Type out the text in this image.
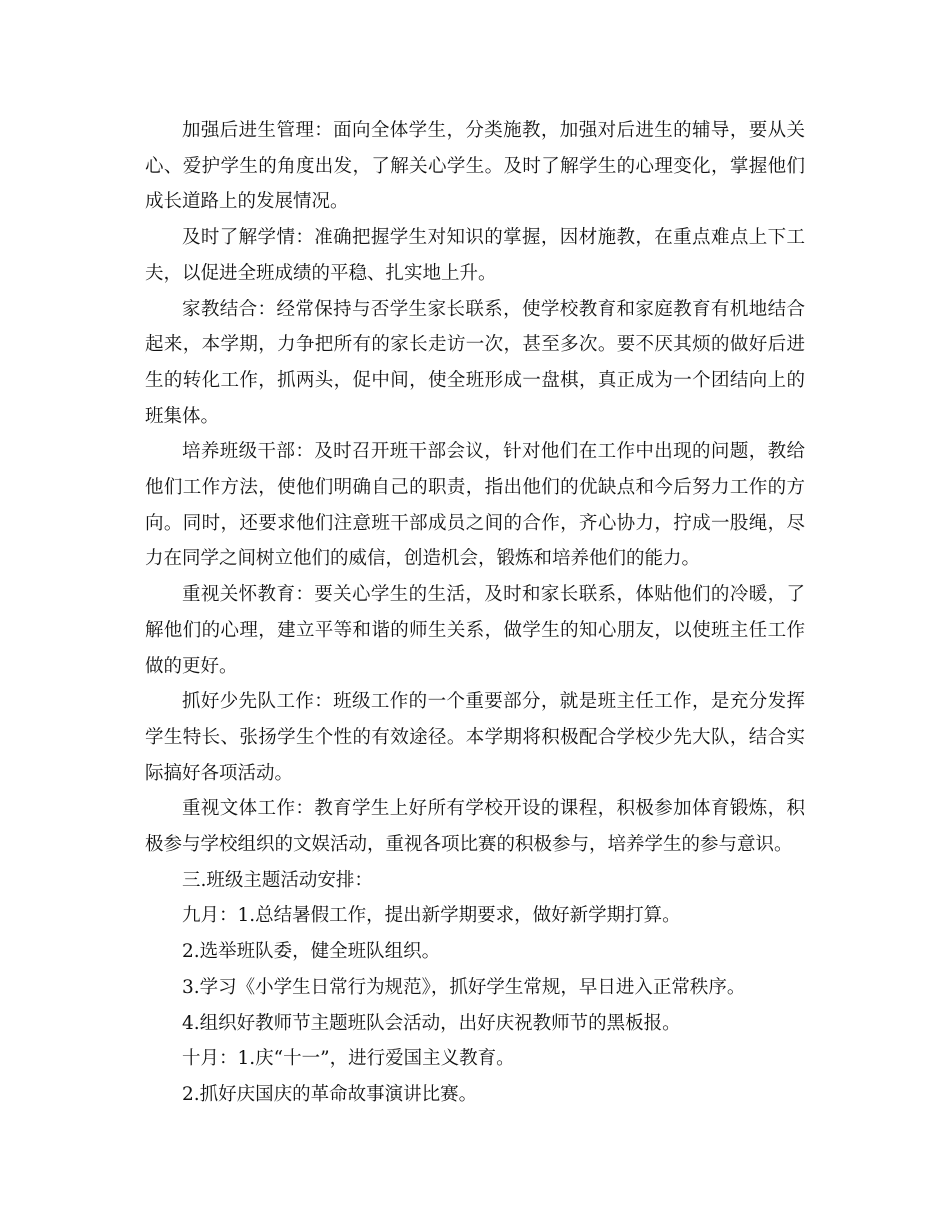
加强后进生管理：面向全体学生，分类施教，加强对后进生的辅导，要从关心、爱护学生的角度出发，了解关心学生。及时了解学生的心理变化，掌握他们成长道路上的发展情况。

及时了解学情：准确把握学生对知识的掌握，因材施教，在重点难点上下工夫，以促进全班成绩的平稳、扎实地上升。

家教结合：经常保持与否学生家长联系，使学校教育和家庭教育有机地结合起来，本学期，力争把所有的家长走访一次，甚至多次。要不厌其烦的做好后进生的转化工作，抓两头，促中间，使全班形成一盘棋，真正成为一个团结向上的班集体。

培养班级干部：及时召开班干部会议，针对他们在工作中出现的问题，教给他们工作方法，使他们明确自己的职责，指出他们的优缺点和今后努力工作的方向。同时，还要求他们注意班干部成员之间的合作，齐心协力，拧成一股绳，尽力在同学之间树立他们的威信，创造机会，锻炼和培养他们的能力。

重视关怀教育：要关心学生的生活，及时和家长联系，体贴他们的冷暖，了解他们的心理，建立平等和谐的师生关系，做学生的知心朋友，以使班主任工作做的更好。

抓好少先队工作：班级工作的一个重要部分，就是班主任工作，是充分发挥学生特长、张扬学生个性的有效途径。本学期将积极配合学校少先大队，结合实际搞好各项活动。

重视文体工作：教育学生上好所有学校开设的课程，积极参加体育锻炼，积极参与学校组织的文娱活动，重视各项比赛的积极参与，培养学生的参与意识。

三.班级主题活动安排：

九月：1.总结暑假工作，提出新学期要求，做好新学期打算。

2.选举班队委，健全班队组织。

3.学习《小学生日常行为规范》，抓好学生常规，早日进入正常秩序。

4.组织好教师节主题班队会活动，出好庆祝教师节的黑板报。

十月：1.庆“十一”，进行爱国主义教育。

2.抓好庆国庆的革命故事演讲比赛。
